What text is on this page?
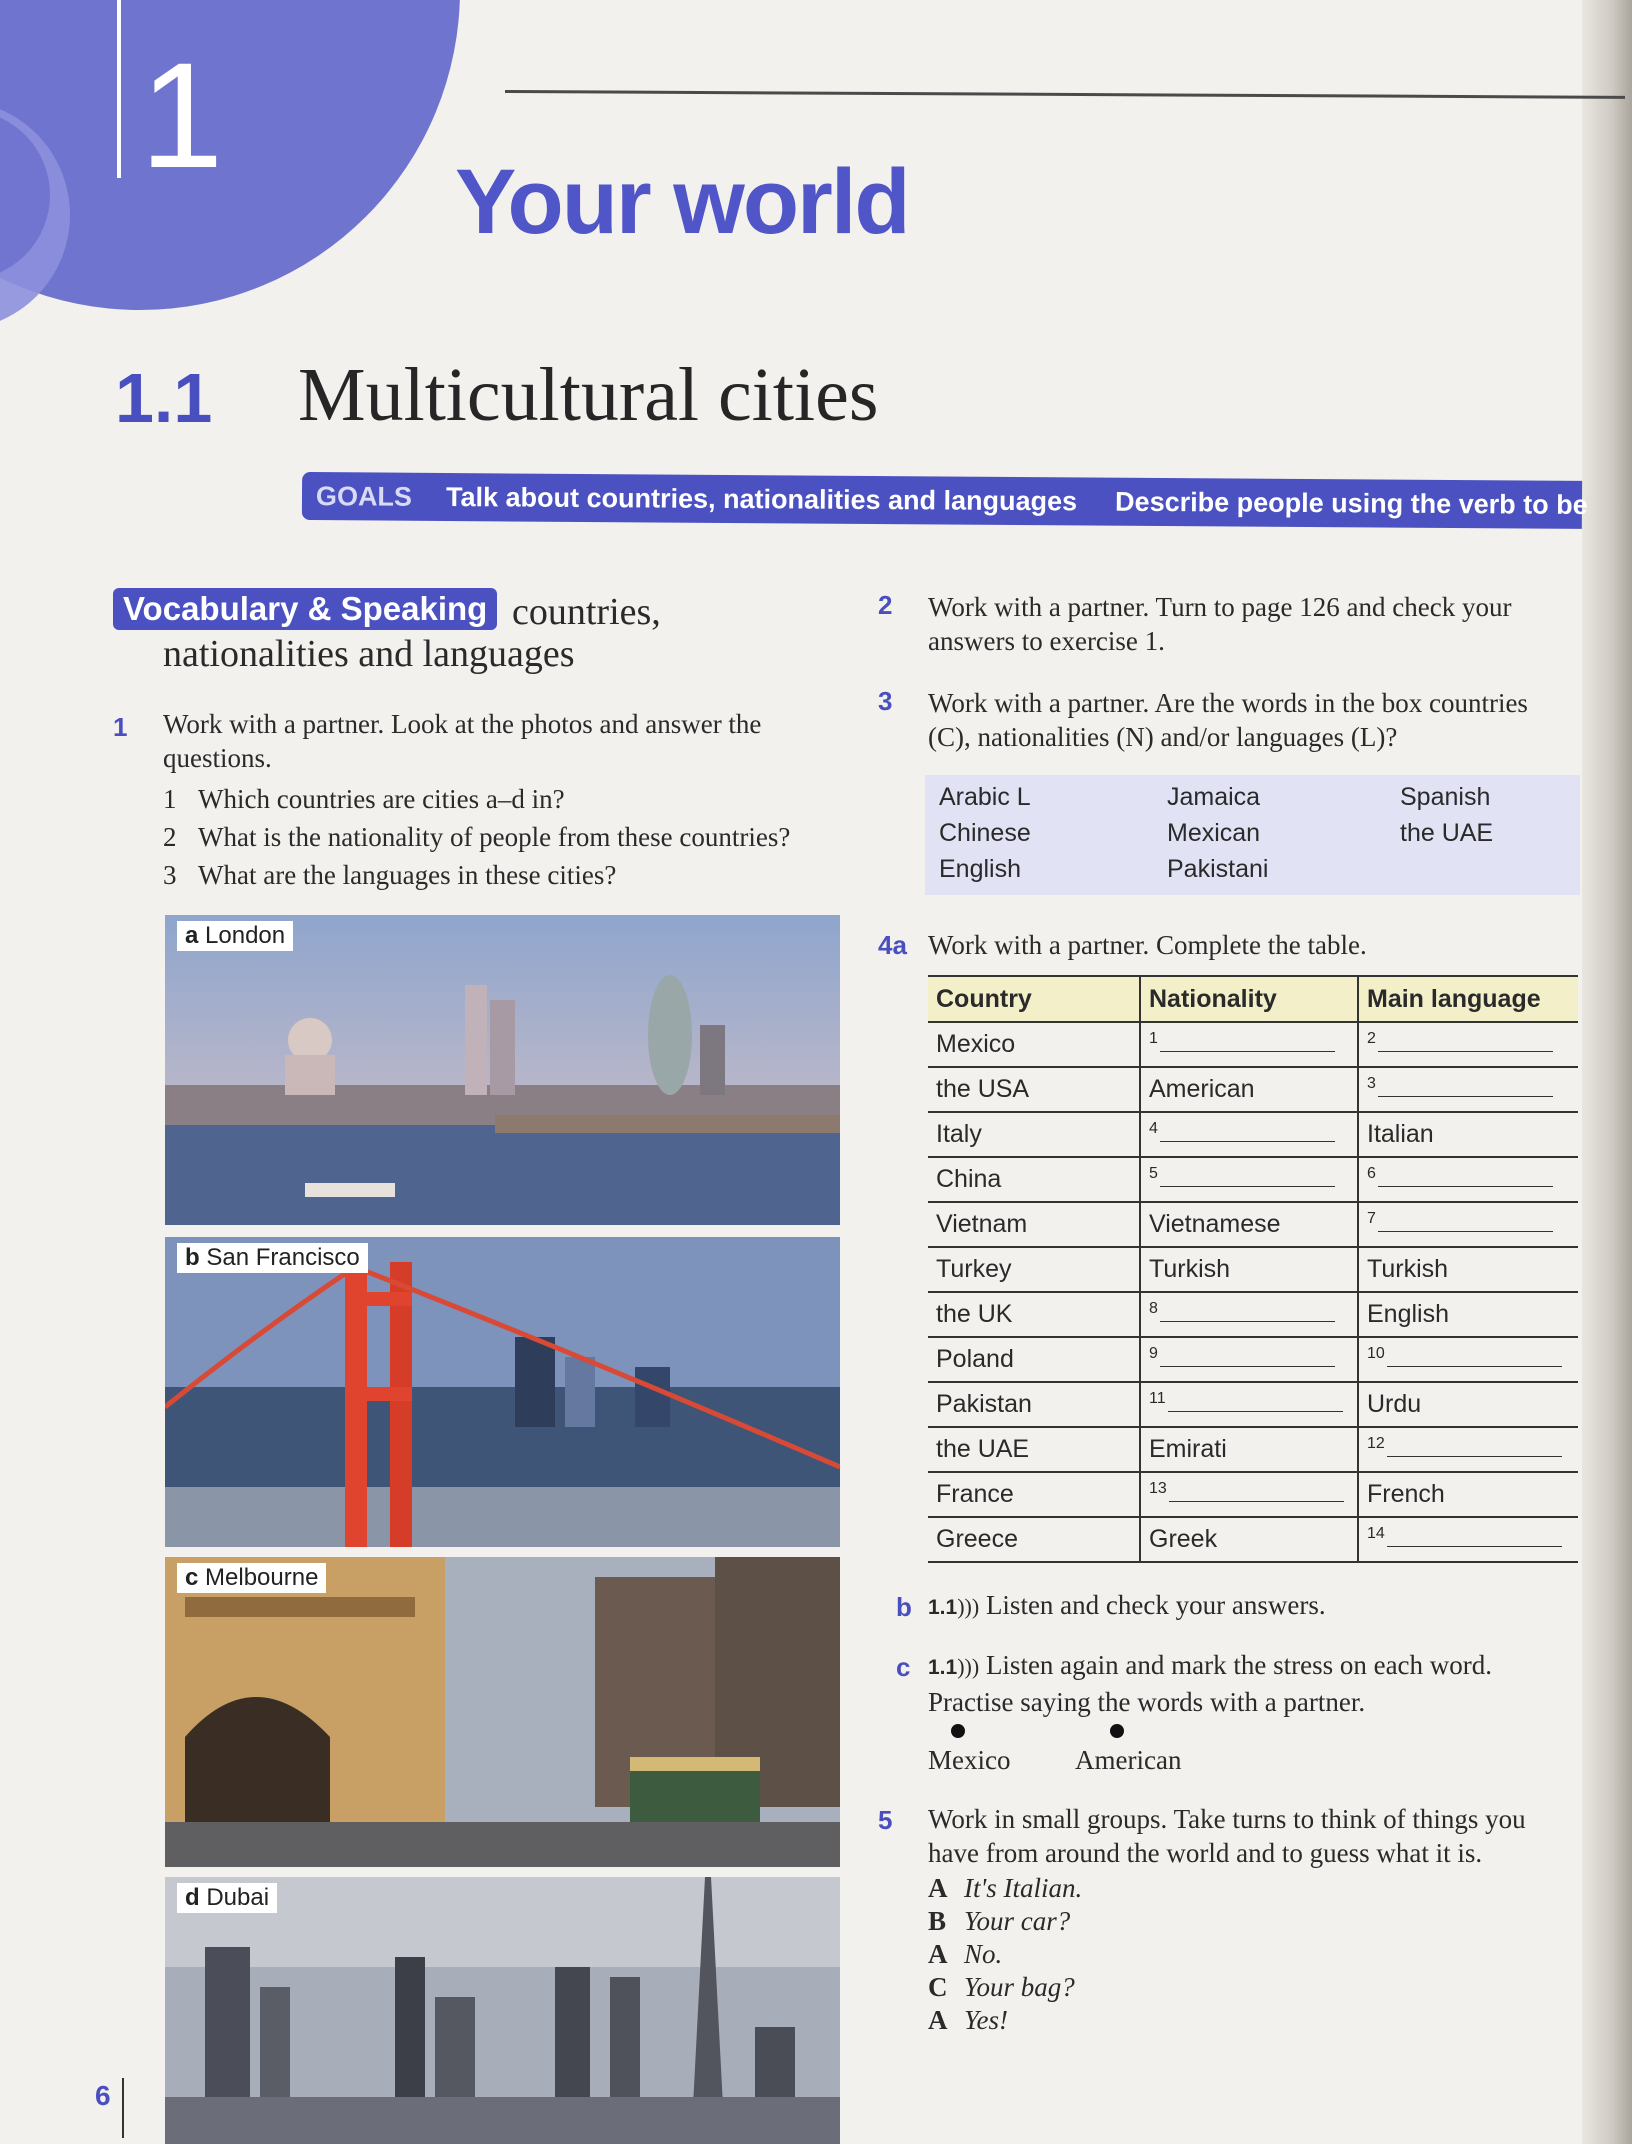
1
Your world
1.1 Multicultural cities
GOALS Talk about countries, nationalities and languages Describe people using the verb to be
Vocabulary & Speaking countries,
nationalities and languages
1 Work with a partner. Look at the photos and answer the questions.
1 Which countries are cities a–d in?
2 What is the nationality of people from these countries?
3 What are the languages in these cities?
a London
b San Francisco
c Melbourne
d Dubai
2 Work with a partner. Turn to page 126 and check your answers to exercise 1.
3 Work with a partner. Are the words in the box countries (C), nationalities (N) and/or languages (L)?
Arabic L
Chinese
English
Jamaica
Mexican
Pakistani
Spanish
the UAE
4a Work with a partner. Complete the table.
Country	Nationality	Main language
Mexico	1	2
the USA	American	3
Italy	4	Italian
China	5	6
Vietnam	Vietnamese	7
Turkey	Turkish	Turkish
the UK	8	English
Poland	9	10
Pakistan	11	Urdu
the UAE	Emirati	12
France	13	French
Greece	Greek	14
b 1.1))) Listen and check your answers.
c 1.1))) Listen again and mark the stress on each word.
Practise saying the words with a partner.
Mexico American
5 Work in small groups. Take turns to think of things you
have from around the world and to guess what it is.
A It's Italian.
B Your car?
A No.
C Your bag?
A Yes!
6
